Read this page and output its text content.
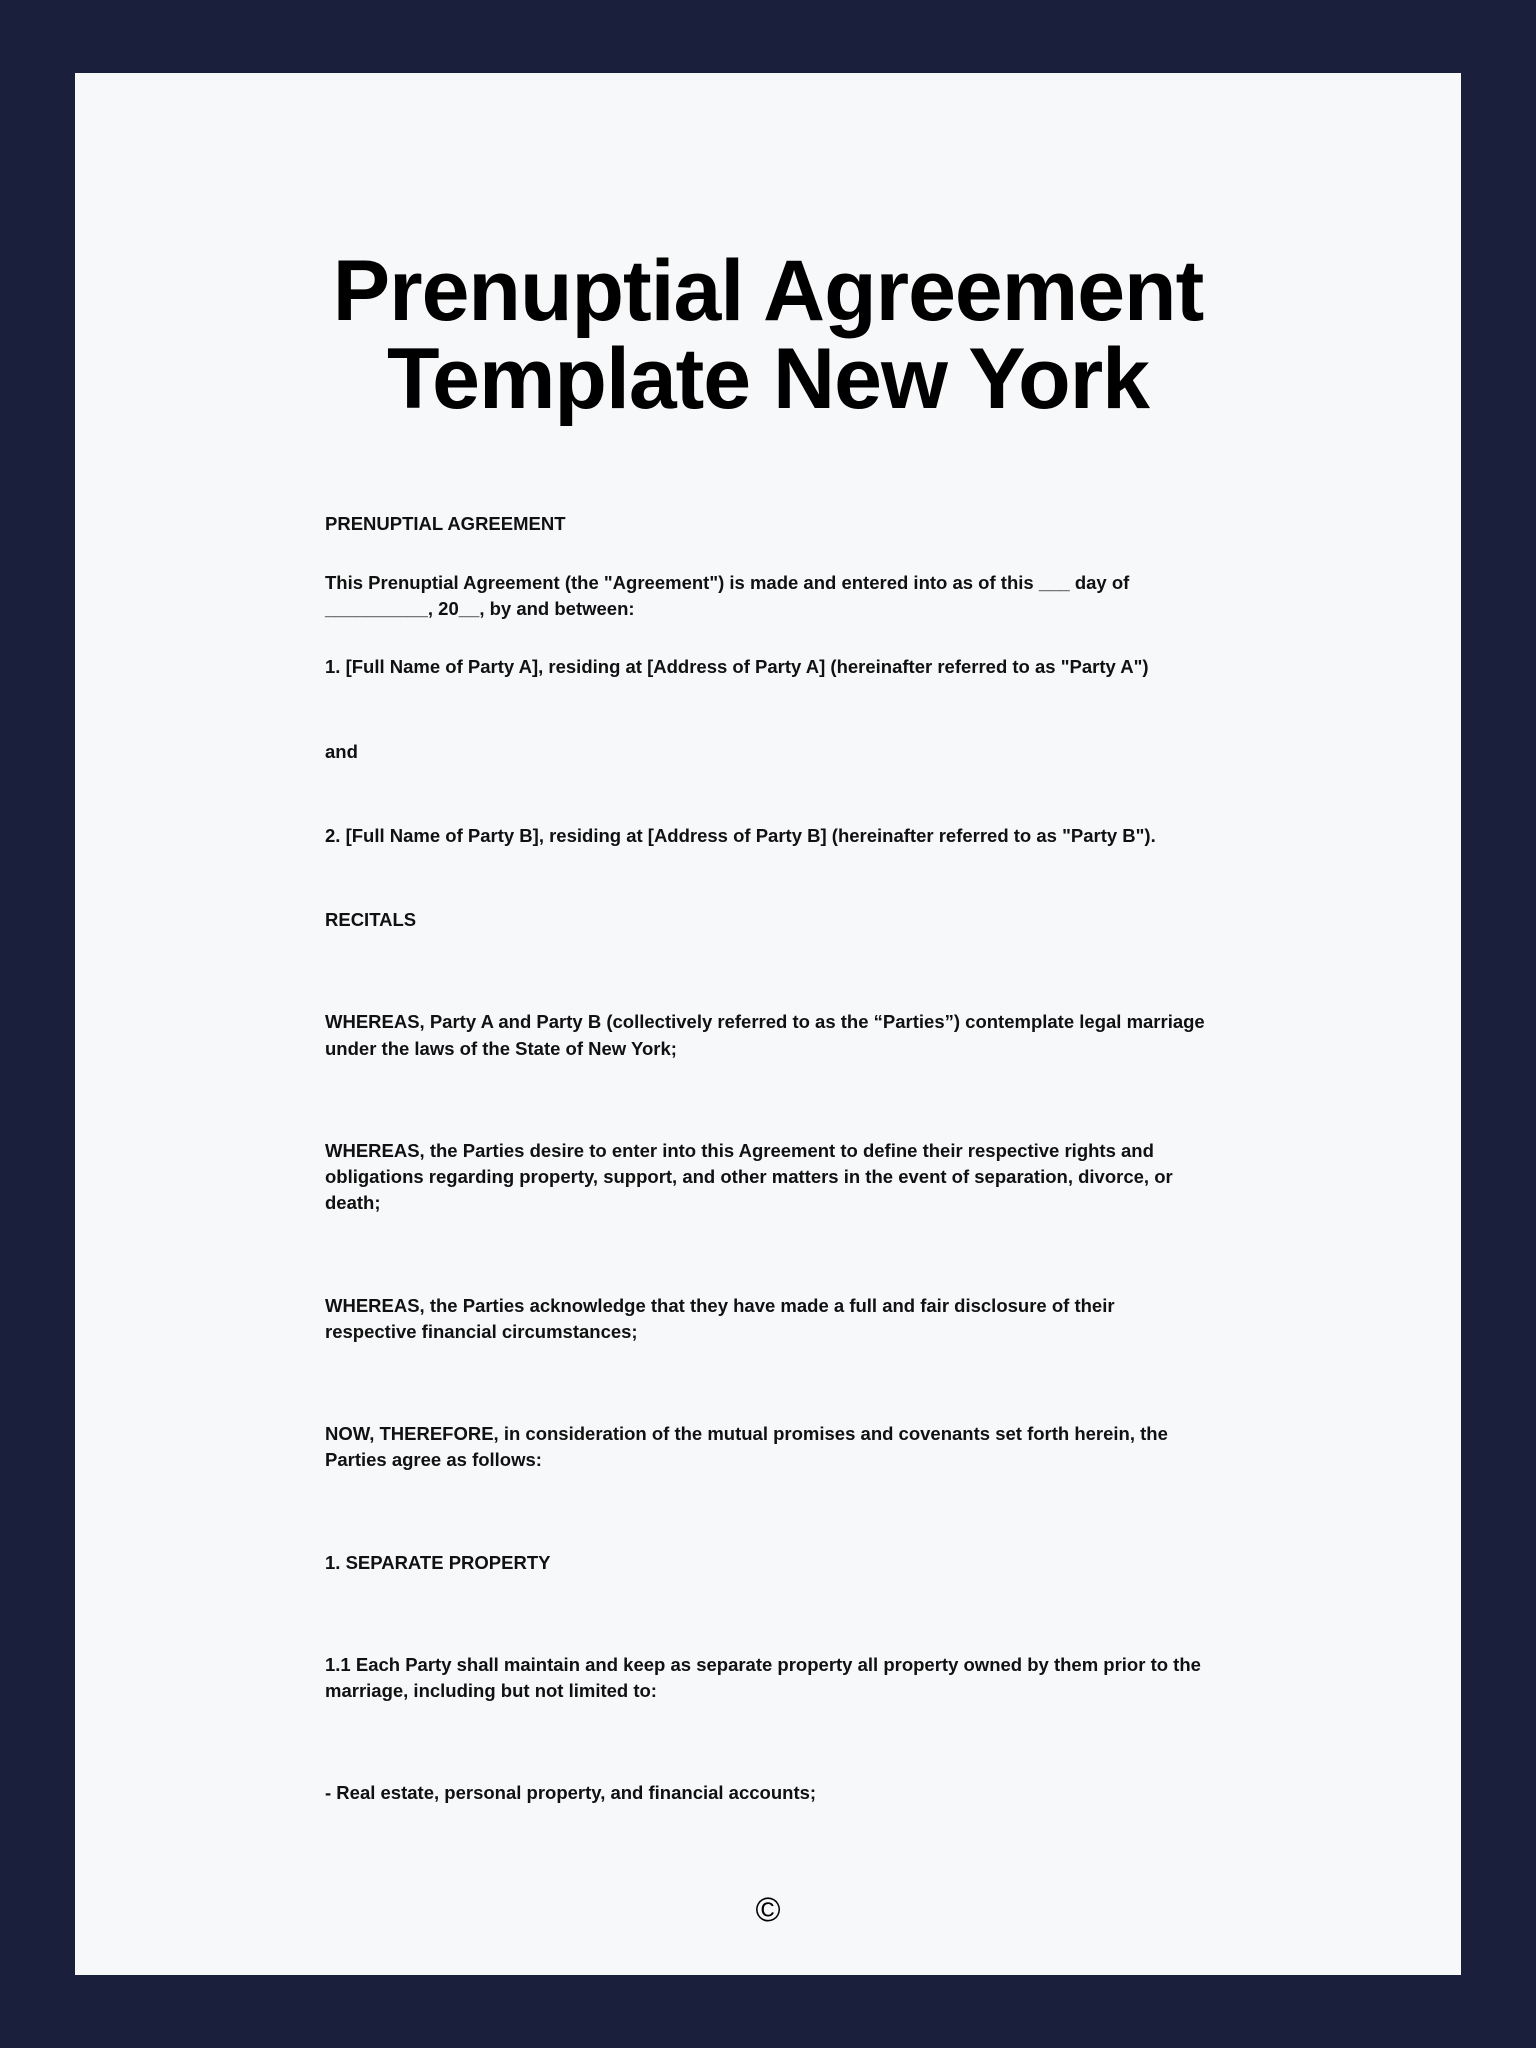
Prenuptial Agreement Template New York

PRENUPTIAL AGREEMENT

This Prenuptial Agreement (the "Agreement") is made and entered into as of this ___ day of __________, 20__, by and between:

1. [Full Name of Party A], residing at [Address of Party A] (hereinafter referred to as "Party A")

and

2. [Full Name of Party B], residing at [Address of Party B] (hereinafter referred to as "Party B").

RECITALS

WHEREAS, Party A and Party B (collectively referred to as the “Parties”) contemplate legal marriage under the laws of the State of New York;

WHEREAS, the Parties desire to enter into this Agreement to define their respective rights and obligations regarding property, support, and other matters in the event of separation, divorce, or death;

WHEREAS, the Parties acknowledge that they have made a full and fair disclosure of their respective financial circumstances;

NOW, THEREFORE, in consideration of the mutual promises and covenants set forth herein, the Parties agree as follows:

1. SEPARATE PROPERTY

1.1 Each Party shall maintain and keep as separate property all property owned by them prior to the marriage, including but not limited to:

- Real estate, personal property, and financial accounts;

©
